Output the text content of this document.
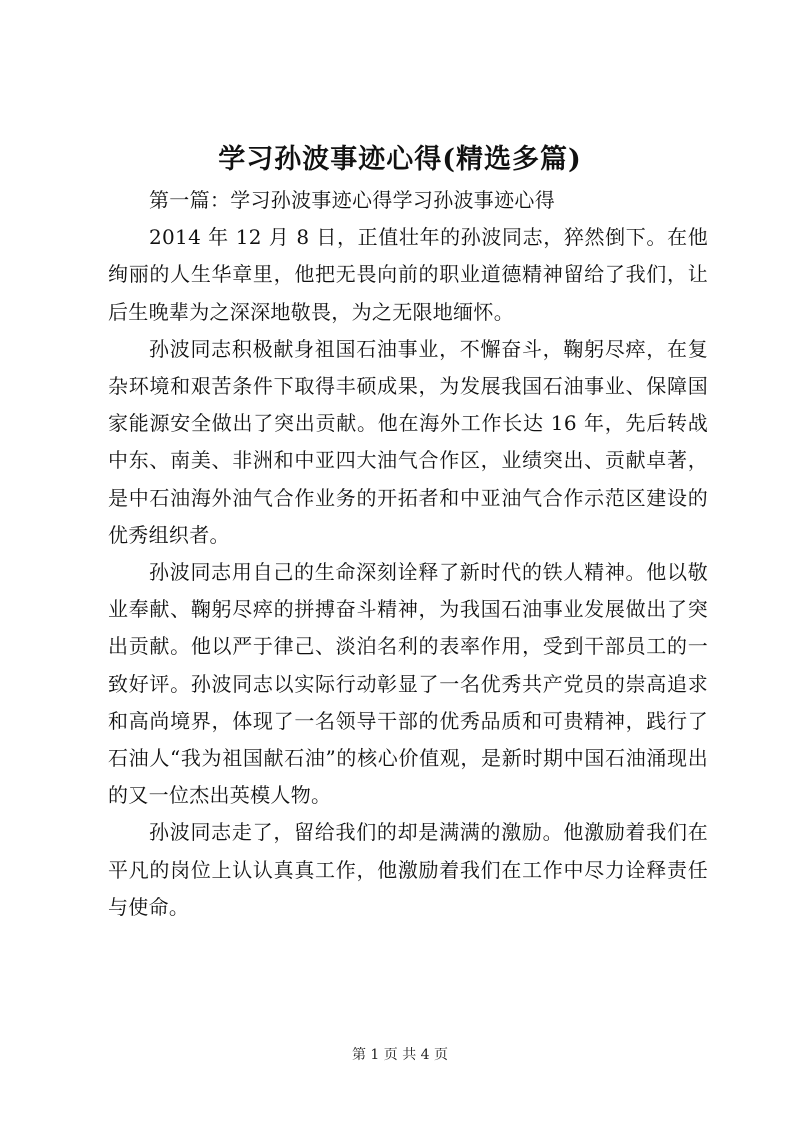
学习孙波事迹心得(精选多篇)

第一篇：学习孙波事迹心得学习孙波事迹心得

2014 年 12 月 8 日，正值壮年的孙波同志，猝然倒下。在他绚丽的人生华章里，他把无畏向前的职业道德精神留给了我们，让后生晚辈为之深深地敬畏，为之无限地缅怀。

孙波同志积极献身祖国石油事业，不懈奋斗，鞠躬尽瘁，在复杂环境和艰苦条件下取得丰硕成果，为发展我国石油事业、保障国家能源安全做出了突出贡献。他在海外工作长达 16 年，先后转战中东、南美、非洲和中亚四大油气合作区，业绩突出、贡献卓著，是中石油海外油气合作业务的开拓者和中亚油气合作示范区建设的优秀组织者。

孙波同志用自己的生命深刻诠释了新时代的铁人精神。他以敬业奉献、鞠躬尽瘁的拼搏奋斗精神，为我国石油事业发展做出了突出贡献。他以严于律己、淡泊名利的表率作用，受到干部员工的一致好评。孙波同志以实际行动彰显了一名优秀共产党员的崇高追求和高尚境界，体现了一名领导干部的优秀品质和可贵精神，践行了石油人“我为祖国献石油”的核心价值观，是新时期中国石油涌现出的又一位杰出英模人物。

孙波同志走了，留给我们的却是满满的激励。他激励着我们在平凡的岗位上认认真真工作，他激励着我们在工作中尽力诠释责任与使命。

第 1 页 共 4 页
